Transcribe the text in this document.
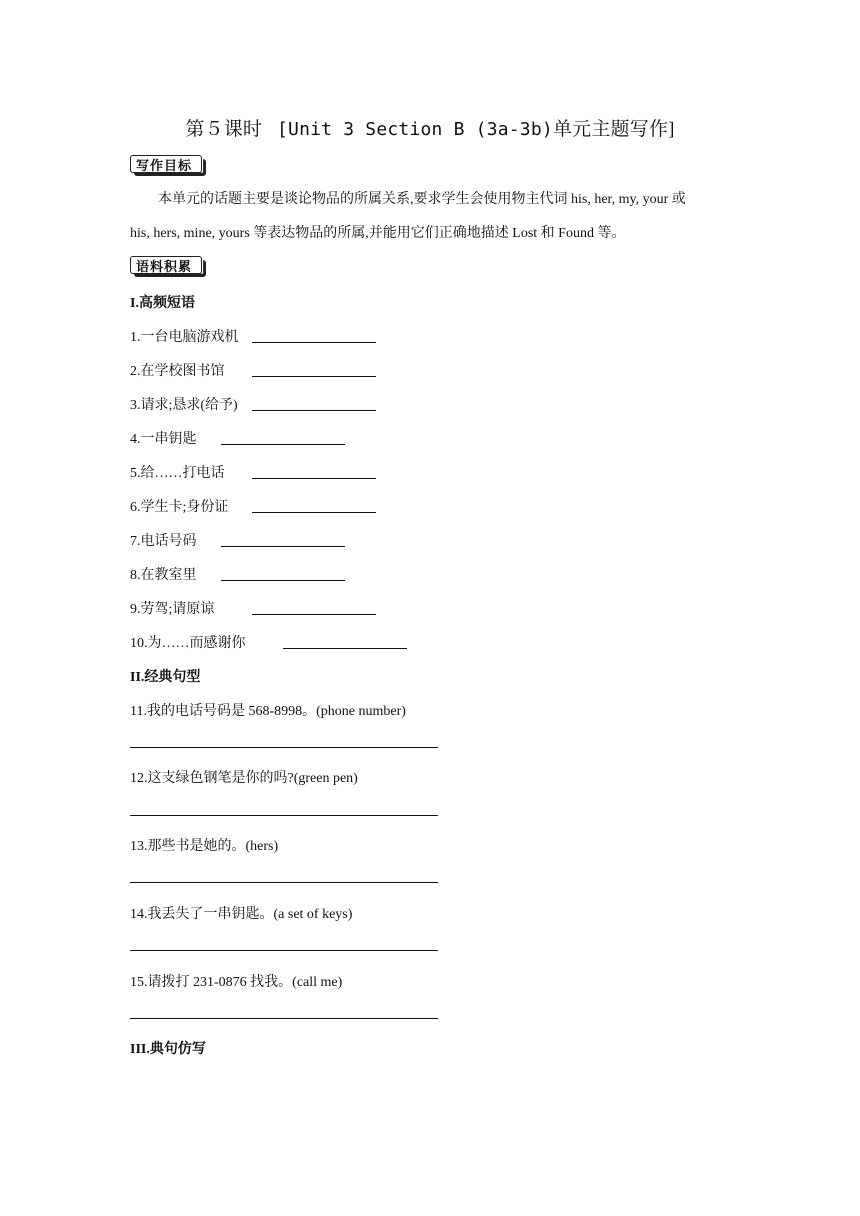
第５课时 [Unit 3 Section B (3a-3b)单元主题写作]
写作目标
本单元的话题主要是谈论物品的所属关系,要求学生会使用物主代词 his, her, my, your 或
his, hers, mine, yours 等表达物品的所属,并能用它们正确地描述 Lost 和 Found 等。
语料积累
I.高频短语
1.一台电脑游戏机
2.在学校图书馆
3.请求;恳求(给予)
4.一串钥匙
5.给……打电话
6.学生卡;身份证
7.电话号码
8.在教室里
9.劳驾;请原谅
10.为……而感谢你
II.经典句型
11.我的电话号码是 568-8998。(phone number)
12.这支绿色钢笔是你的吗?(green pen)
13.那些书是她的。(hers)
14.我丢失了一串钥匙。(a set of keys)
15.请拨打 231-0876 找我。(call me)
III.典句仿写
